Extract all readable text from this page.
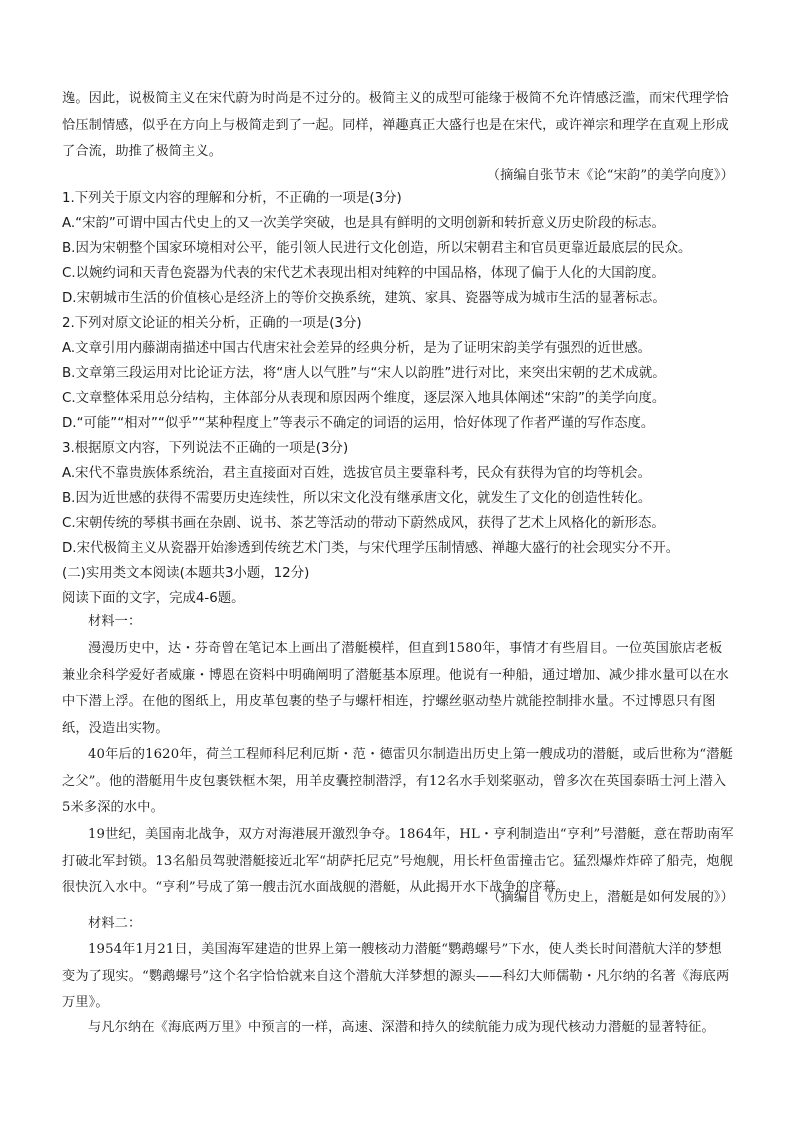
逸。因此，说极简主义在宋代蔚为时尚是不过分的。极简主义的成型可能缘于极简不允许情感泛滥，而宋代理学恰恰压制情感，似乎在方向上与极简走到了一起。同样，禅趣真正大盛行也是在宋代，或许禅宗和理学在直观上形成了合流，助推了极简主义。

（摘编自张节末《论“宋韵”的美学向度》）

1.下列关于原文内容的理解和分析，不正确的一项是(3分)

A.“宋韵”可谓中国古代史上的又一次美学突破，也是具有鲜明的文明创新和转折意义历史阶段的标志。

B.因为宋朝整个国家环境相对公平，能引领人民进行文化创造，所以宋朝君主和官员更靠近最底层的民众。

C.以婉约词和天青色瓷器为代表的宋代艺术表现出相对纯粹的中国品格，体现了偏于人化的大国韵度。

D.宋朝城市生活的价值核心是经济上的等价交换系统，建筑、家具、瓷器等成为城市生活的显著标志。

2.下列对原文论证的相关分析，正确的一项是(3分)

A.文章引用内藤湖南描述中国古代唐宋社会差异的经典分析，是为了证明宋韵美学有强烈的近世感。

B.文章第三段运用对比论证方法，将“唐人以气胜”与“宋人以韵胜”进行对比，来突出宋朝的艺术成就。

C.文章整体采用总分结构，主体部分从表现和原因两个维度，逐层深入地具体阐述“宋韵”的美学向度。

D.“可能”“相对”“似乎”“某种程度上”等表示不确定的词语的运用，恰好体现了作者严谨的写作态度。

3.根据原文内容，下列说法不正确的一项是(3分)

A.宋代不靠贵族体系统治，君主直接面对百姓，选拔官员主要靠科考，民众有获得为官的均等机会。

B.因为近世感的获得不需要历史连续性，所以宋文化没有继承唐文化，就发生了文化的创造性转化。

C.宋朝传统的琴棋书画在杂剧、说书、茶艺等活动的带动下蔚然成风，获得了艺术上风格化的新形态。

D.宋代极简主义从瓷器开始渗透到传统艺术门类，与宋代理学压制情感、禅趣大盛行的社会现实分不开。

(二)实用类文本阅读(本题共3小题，12分)

阅读下面的文字，完成4-6题。

材料一：

漫漫历史中，达・芬奇曾在笔记本上画出了潜艇模样，但直到1580年，事情才有些眉目。一位英国旅店老板兼业余科学爱好者威廉・博恩在资料中明确阐明了潜艇基本原理。他说有一种船，通过增加、减少排水量可以在水中下潜上浮。在他的图纸上，用皮革包裹的垫子与螺杆相连，拧螺丝驱动垫片就能控制排水量。不过博恩只有图纸，没造出实物。

40年后的1620年，荷兰工程师科尼利厄斯・范・德雷贝尔制造出历史上第一艘成功的潜艇，或后世称为“潜艇之父”。他的潜艇用牛皮包裹铁框木架，用羊皮囊控制潜浮，有12名水手划桨驱动，曾多次在英国泰晤士河上潜入5米多深的水中。

19世纪，美国南北战争，双方对海港展开激烈争夺。1864年，HL・亨利制造出“亨利”号潜艇，意在帮助南军打破北军封锁。13名船员驾驶潜艇接近北军“胡萨托尼克”号炮舰，用长杆鱼雷撞击它。猛烈爆炸炸碎了船壳，炮舰很快沉入水中。“亨利”号成了第一艘击沉水面战舰的潜艇，从此揭开水下战争的序幕。

（摘编自《历史上，潜艇是如何发展的》）

材料二：

1954年1月21日，美国海军建造的世界上第一艘核动力潜艇“鹦鹉螺号”下水，使人类长时间潜航大洋的梦想变为了现实。“鹦鹉螺号”这个名字恰恰就来自这个潜航大洋梦想的源头——科幻大师儒勒・凡尔纳的名著《海底两万里》。

与凡尔纳在《海底两万里》中预言的一样，高速、深潜和持久的续航能力成为现代核动力潜艇的显著特征。
